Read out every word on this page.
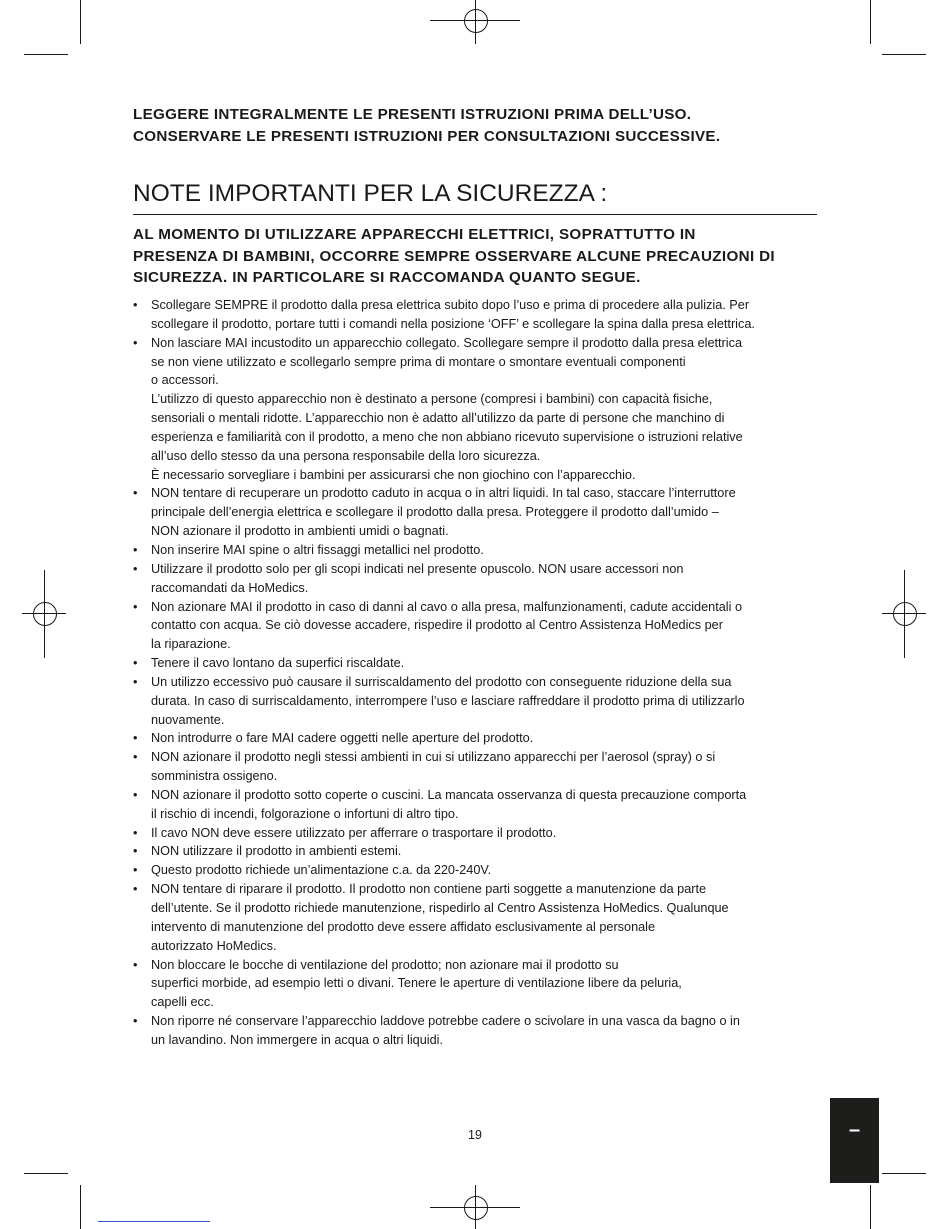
LEGGERE INTEGRALMENTE LE PRESENTI ISTRUZIONI PRIMA DELL’USO.
CONSERVARE LE PRESENTI ISTRUZIONI PER CONSULTAZIONI SUCCESSIVE.
NOTE IMPORTANTI PER LA SICUREZZA :
AL MOMENTO DI UTILIZZARE APPARECCHI ELETTRICI, SOPRATTUTTO IN
PRESENZA DI BAMBINI, OCCORRE SEMPRE OSSERVARE ALCUNE PRECAUZIONI DI
SICUREZZA. IN PARTICOLARE SI RACCOMANDA QUANTO SEGUE.
• Scollegare SEMPRE il prodotto dalla presa elettrica subito dopo l’uso e prima di procedere alla pulizia. Per
scollegare il prodotto, portare tutti i comandi nella posizione ‘OFF’ e scollegare la spina dalla presa elettrica.
• Non lasciare MAI incustodito un apparecchio collegato. Scollegare sempre il prodotto dalla presa elettrica
se non viene utilizzato e scollegarlo sempre prima di montare o smontare eventuali componenti
o accessori.
L’utilizzo di questo apparecchio non è destinato a persone (compresi i bambini) con capacità fisiche,
sensoriali o mentali ridotte. L’apparecchio non è adatto all’utilizzo da parte di persone che manchino di
esperienza e familiarità con il prodotto, a meno che non abbiano ricevuto supervisione o istruzioni relative
all’uso dello stesso da una persona responsabile della loro sicurezza.
È necessario sorvegliare i bambini per assicurarsi che non giochino con l’apparecchio.
• NON tentare di recuperare un prodotto caduto in acqua o in altri liquidi. In tal caso, staccare l’interruttore
principale dell’energia elettrica e scollegare il prodotto dalla presa. Proteggere il prodotto dall’umido –
NON azionare il prodotto in ambienti umidi o bagnati.
• Non inserire MAI spine o altri fissaggi metallici nel prodotto.
• Utilizzare il prodotto solo per gli scopi indicati nel presente opuscolo. NON usare accessori non
raccomandati da HoMedics.
• Non azionare MAI il prodotto in caso di danni al cavo o alla presa, malfunzionamenti, cadute accidentali o
contatto con acqua. Se ciò dovesse accadere, rispedire il prodotto al Centro Assistenza HoMedics per
la riparazione.
• Tenere il cavo lontano da superfici riscaldate.
• Un utilizzo eccessivo può causare il surriscaldamento del prodotto con conseguente riduzione della sua
durata. In caso di surriscaldamento, interrompere l’uso e lasciare raffreddare il prodotto prima di utilizzarlo
nuovamente.
• Non introdurre o fare MAI cadere oggetti nelle aperture del prodotto.
• NON azionare il prodotto negli stessi ambienti in cui si utilizzano apparecchi per l’aerosol (spray) o si
somministra ossigeno.
• NON azionare il prodotto sotto coperte o cuscini. La mancata osservanza di questa precauzione comporta
il rischio di incendi, folgorazione o infortuni di altro tipo.
• Il cavo NON deve essere utilizzato per afferrare o trasportare il prodotto.
• NON utilizzare il prodotto in ambienti estemi.
• Questo prodotto richiede un’alimentazione c.a. da 220-240V.
• NON tentare di riparare il prodotto. Il prodotto non contiene parti soggette a manutenzione da parte
dell’utente. Se il prodotto richiede manutenzione, rispedirlo al Centro Assistenza HoMedics. Qualunque
intervento di manutenzione del prodotto deve essere affidato esclusivamente al personale
autorizzato HoMedics.
• Non bloccare le bocche di ventilazione del prodotto; non azionare mai il prodotto su
superfici morbide, ad esempio letti o divani. Tenere le aperture di ventilazione libere da peluria,
capelli ecc.
• Non riporre né conservare l’apparecchio laddove potrebbe cadere o scivolare in una vasca da bagno o in
un lavandino. Non immergere in acqua o altri liquidi.
19	–
